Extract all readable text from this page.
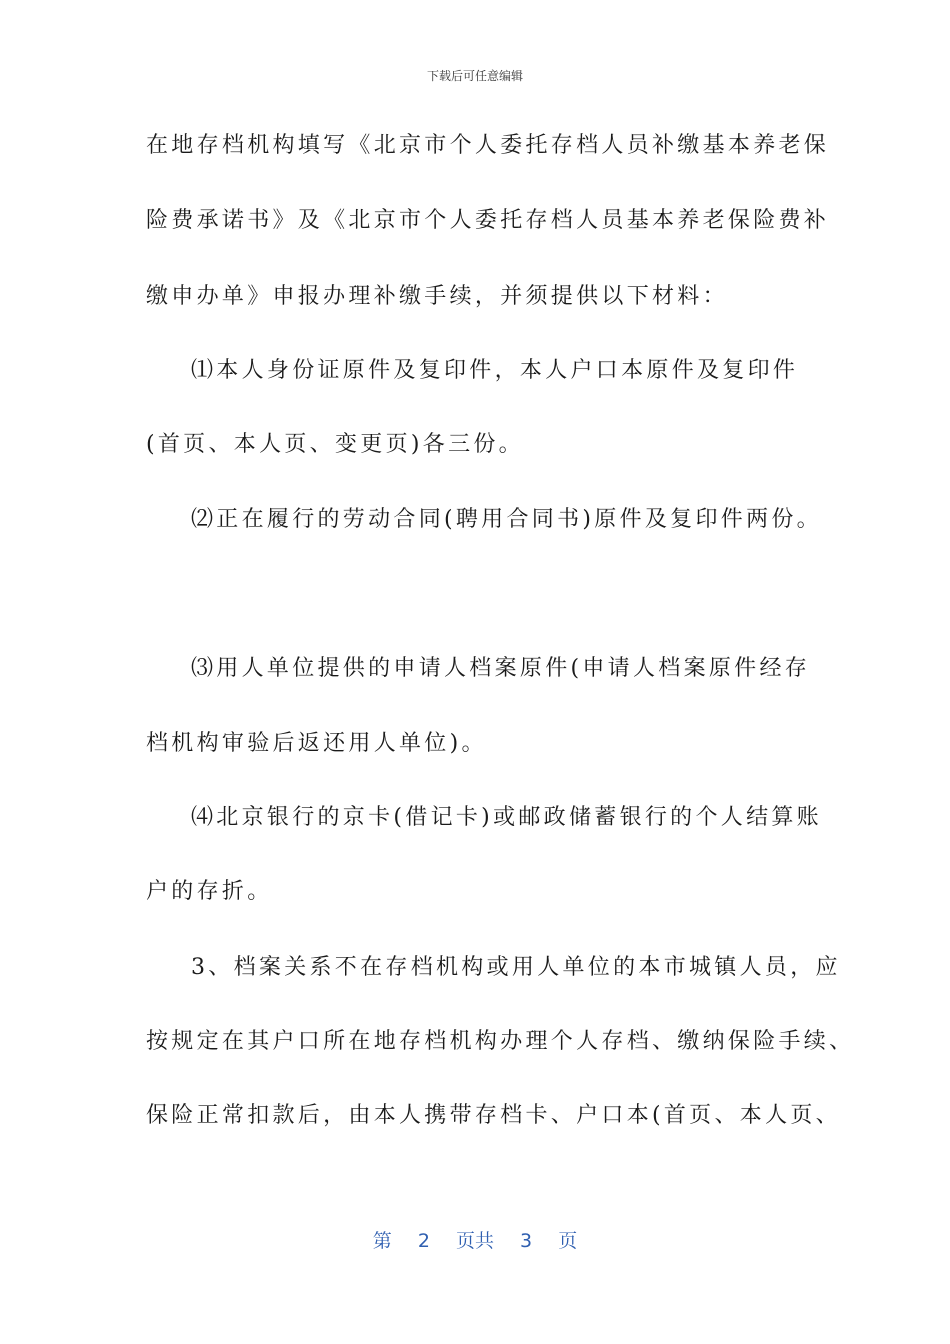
下载后可任意编辑
在地存档机构填写《北京市个人委托存档人员补缴基本养老保
险费承诺书》及《北京市个人委托存档人员基本养老保险费补
缴申办单》申报办理补缴手续，并须提供以下材料：
⑴本人身份证原件及复印件，本人户口本原件及复印件
(首页、本人页、变更页)各三份。
⑵正在履行的劳动合同(聘用合同书)原件及复印件两份。
⑶用人单位提供的申请人档案原件(申请人档案原件经存
档机构审验后返还用人单位)。
⑷北京银行的京卡(借记卡)或邮政储蓄银行的个人结算账
户的存折。
3、档案关系不在存档机构或用人单位的本市城镇人员，应
按规定在其户口所在地存档机构办理个人存档、缴纳保险手续、
保险正常扣款后，由本人携带存档卡、户口本(首页、本人页、
第 2 页共 3 页
